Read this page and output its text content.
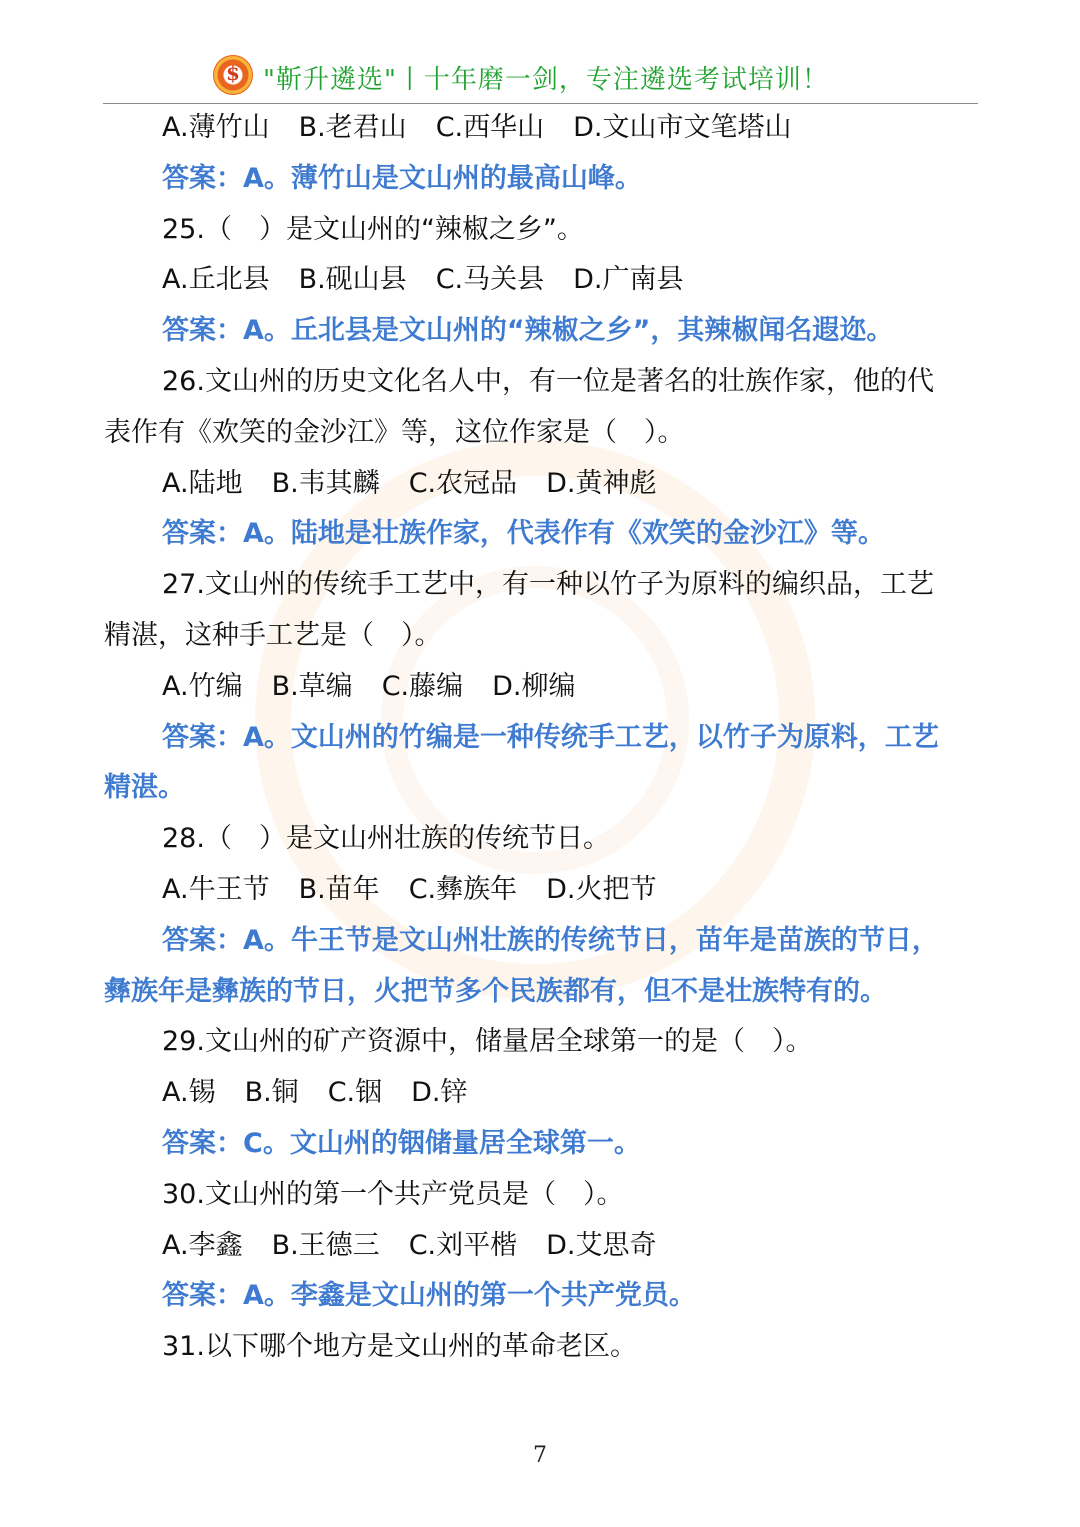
$
"靳升遴选"丨十年磨一剑，专注遴选考试培训！
A.薄竹山 B.老君山 C.西华山 D.文山市文笔塔山
答案：A。薄竹山是文山州的最高山峰。
25.（　）是文山州的“辣椒之乡”。
A.丘北县 B.砚山县 C.马关县 D.广南县
答案：A。丘北县是文山州的“辣椒之乡”，其辣椒闻名遐迩。
26.文山州的历史文化名人中，有一位是著名的壮族作家，他的代
表作有《欢笑的金沙江》等，这位作家是（　）。
A.陆地 B.韦其麟 C.农冠品 D.黄神彪
答案：A。陆地是壮族作家，代表作有《欢笑的金沙江》等。
27.文山州的传统手工艺中，有一种以竹子为原料的编织品，工艺
精湛，这种手工艺是（　）。
A.竹编 B.草编 C.藤编 D.柳编
答案：A。文山州的竹编是一种传统手工艺，以竹子为原料，工艺
精湛。
28.（　）是文山州壮族的传统节日。
A.牛王节 B.苗年 C.彝族年 D.火把节
答案：A。牛王节是文山州壮族的传统节日，苗年是苗族的节日，
彝族年是彝族的节日，火把节多个民族都有，但不是壮族特有的。
29.文山州的矿产资源中，储量居全球第一的是（　）。
A.锡 B.铜 C.铟 D.锌
答案：C。文山州的铟储量居全球第一。
30.文山州的第一个共产党员是（　）。
A.李鑫 B.王德三 C.刘平楷 D.艾思奇
答案：A。李鑫是文山州的第一个共产党员。
31.以下哪个地方是文山州的革命老区。
7
